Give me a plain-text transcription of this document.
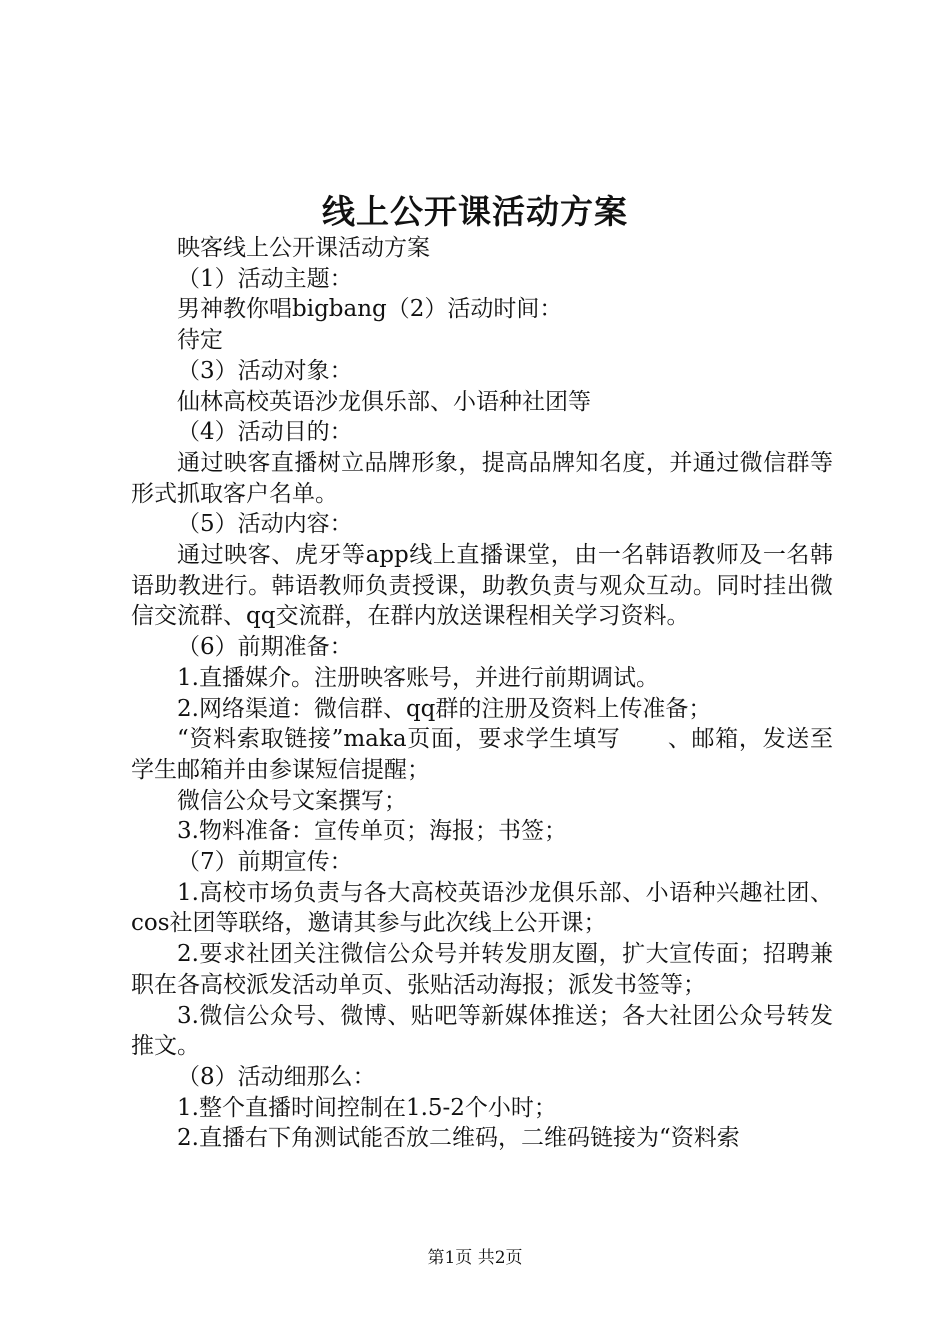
线上公开课活动方案

映客线上公开课活动方案

（1）活动主题：

男神教你唱bigbang（2）活动时间：

待定

（3）活动对象：

仙林高校英语沙龙俱乐部、小语种社团等

（4）活动目的：

通过映客直播树立品牌形象，提高品牌知名度，并通过微信群等形式抓取客户名单。

（5）活动内容：

通过映客、虎牙等app线上直播课堂，由一名韩语教师及一名韩语助教进行。韩语教师负责授课，助教负责与观众互动。同时挂出微信交流群、qq交流群，在群内放送课程相关学习资料。

（6）前期准备：

1.直播媒介。注册映客账号，并进行前期调试。

2.网络渠道：微信群、qq群的注册及资料上传准备；

“资料索取链接”maka页面，要求学生填写　　、邮箱，发送至学生邮箱并由参谋短信提醒；

微信公众号文案撰写；

3.物料准备：宣传单页；海报；书签；

（7）前期宣传：

1.高校市场负责与各大高校英语沙龙俱乐部、小语种兴趣社团、cos社团等联络，邀请其参与此次线上公开课；

2.要求社团关注微信公众号并转发朋友圈，扩大宣传面；招聘兼职在各高校派发活动单页、张贴活动海报；派发书签等；

3.微信公众号、微博、贴吧等新媒体推送；各大社团公众号转发推文。

（8）活动细那么：

1.整个直播时间控制在1.5-2个小时；

2.直播右下角测试能否放二维码，二维码链接为“资料索

第1页 共2页
